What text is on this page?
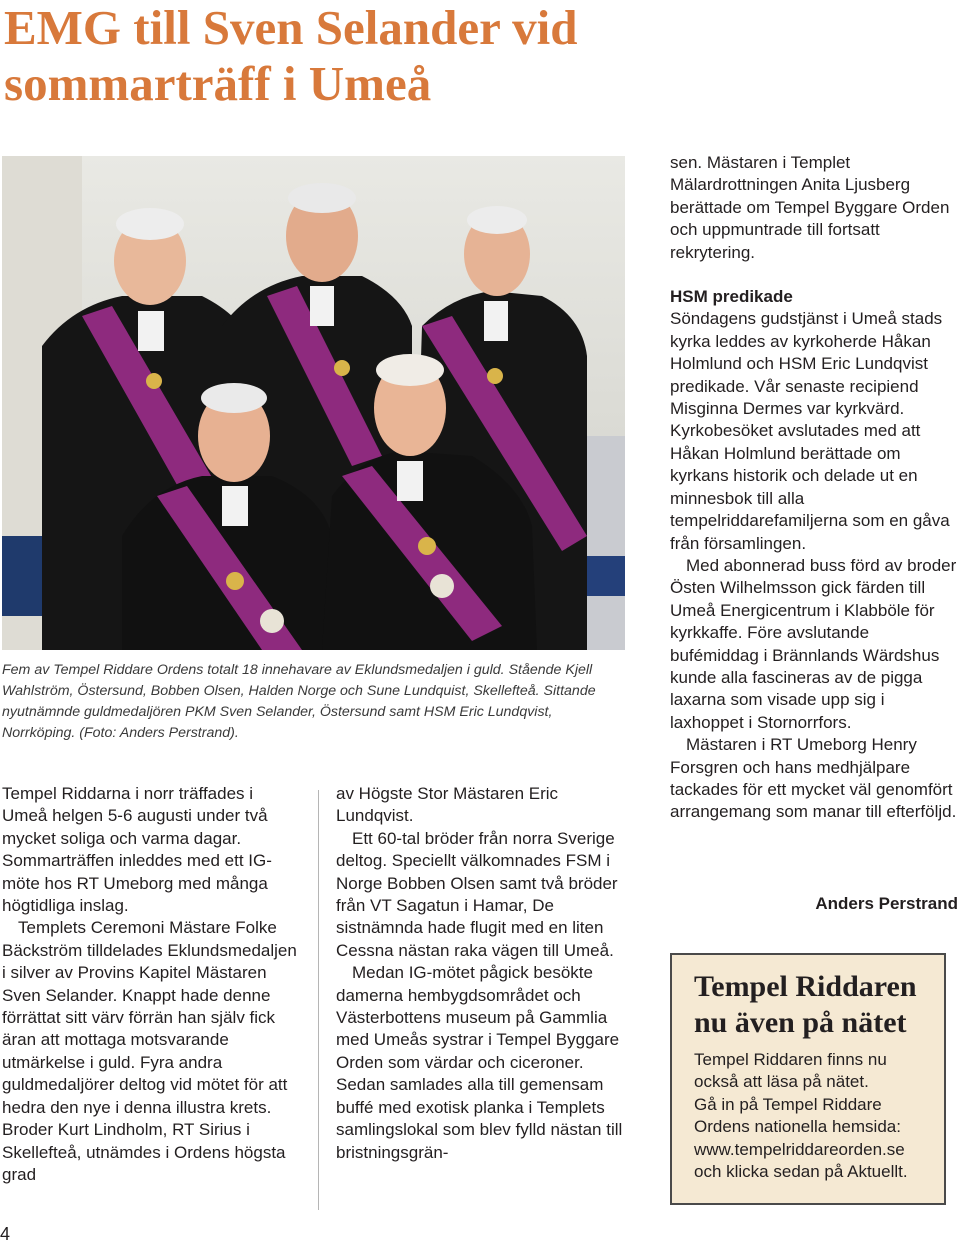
EMG till Sven Selander vid sommarträff i Umeå

Fem av Tempel Riddare Ordens totalt 18 innehavare av Eklundsmedaljen i guld. Stående Kjell Wahlström, Östersund, Bobben Olsen, Halden Norge och Sune Lundquist, Skellefteå. Sittande nyutnämnde guldmedaljören PKM Sven Selander, Östersund samt HSM Eric Lundqvist, Norrköping. (Foto: Anders Perstrand).

Tempel Riddarna i norr träffades i Umeå helgen 5-6 augusti under två mycket soliga och varma dagar. Sommarträffen inleddes med ett IG-möte hos RT Umeborg med många högtidliga inslag.

Templets Ceremoni Mästare Folke Bäckström tilldelades Eklundsmedaljen i silver av Provins Kapitel Mästaren Sven Selander. Knappt hade denne förrättat sitt värv förrän han själv fick äran att mottaga motsvarande utmärkelse i guld. Fyra andra guldmedaljörer deltog vid mötet för att hedra den nye i denna illustra krets. Broder Kurt Lindholm, RT Sirius i Skellefteå, utnämdes i Ordens högsta grad

av Högste Stor Mästaren Eric Lundqvist.

Ett 60-tal bröder från norra Sverige deltog. Speciellt välkomnades FSM i Norge Bobben Olsen samt två bröder från VT Sagatun i Hamar, De sistnämnda hade flugit med en liten Cessna nästan raka vägen till Umeå.

Medan IG-mötet pågick besökte damerna hembygdsområdet och Västerbottens museum på Gammlia med Umeås systrar i Tempel Byggare Orden som värdar och ciceroner. Sedan samlades alla till gemensam buffé med exotisk planka i Templets samlingslokal som blev fylld nästan till bristningsgrän-

sen. Mästaren i Templet Mälardrottningen Anita Ljusberg berättade om Tempel Byggare Orden och uppmuntrade till fortsatt rekrytering.

HSM predikade

Söndagens gudstjänst i Umeå stads kyrka leddes av kyrkoherde Håkan Holmlund och HSM Eric Lundqvist predikade. Vår senaste recipiend Misginna Dermes var kyrkvärd. Kyrkobesöket avslutades med att Håkan Holmlund berättade om kyrkans historik och delade ut en minnesbok till alla tempelriddarefamiljerna som en gåva från församlingen.

Med abonnerad buss förd av broder Östen Wilhelmsson gick färden till Umeå Energicentrum i Klabböle för kyrkkaffe. Före avslutande bufémiddag i Brännlands Wärdshus kunde alla fascineras av de pigga laxarna som visade upp sig i laxhoppet i Stornorrfors.

Mästaren i RT Umeborg Henry Forsgren och hans medhjälpare tackades för ett mycket väl genomfört arrangemang som manar till efterföljd.

Anders Perstrand

Tempel Riddaren nu även på nätet

Tempel Riddaren finns nu också att läsa på nätet.

Gå in på Tempel Riddare Ordens nationella hemsida:

www.tempelriddareorden.se

och klicka sedan på Aktuellt.

4
